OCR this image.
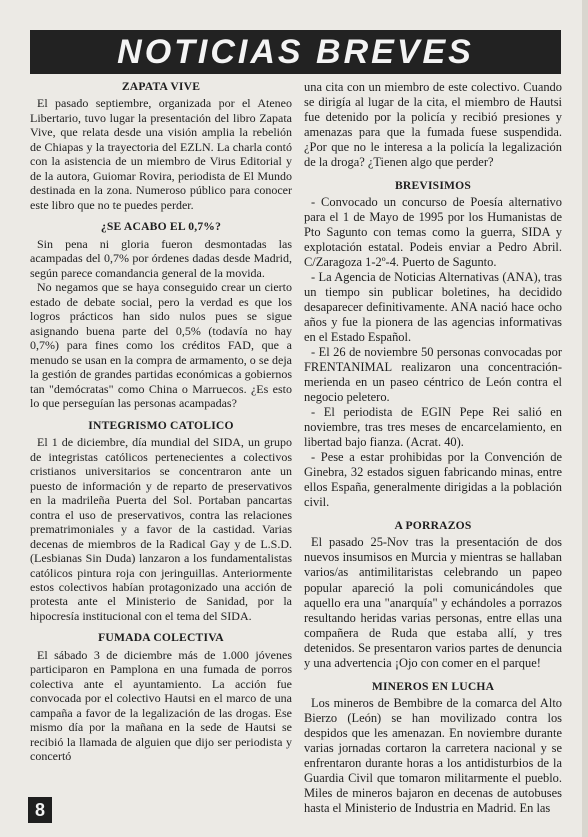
NOTICIAS BREVES
ZAPATA VIVE

El pasado septiembre, organizada por el Ateneo Libertario, tuvo lugar la presentación del libro Zapata Vive, que relata desde una visión amplia la rebelión de Chiapas y la trayectoria del EZLN. La charla contó con la asistencia de un miembro de Virus Editorial y de la autora, Guiomar Rovira, periodista de El Mundo destinada en la zona. Numeroso público para conocer este libro que no te puedes perder.

¿SE ACABO EL 0,7%?

Sin pena ni gloria fueron desmontadas las acampadas del 0,7% por órdenes dadas desde Madrid, según parece comandancia general de la movida.

No negamos que se haya conseguido crear un cierto estado de debate social, pero la verdad es que los logros prácticos han sido nulos pues se sigue asignando buena parte del 0,5% (todavía no hay 0,7%) para fines como los créditos FAD, que a menudo se usan en la compra de armamento, o se deja la gestión de grandes partidas económicas a gobiernos tan "demócratas" como China o Marruecos. ¿Es esto lo que perseguían las personas acampadas?

INTEGRISMO CATOLICO

El 1 de diciembre, día mundial del SIDA, un grupo de integristas católicos pertenecientes a colectivos cristianos universitarios se concentraron ante un puesto de información y de reparto de preservativos en la madrileña Puerta del Sol. Portaban pancartas contra el uso de preservativos, contra las relaciones prematrimoniales y a favor de la castidad. Varias decenas de miembros de la Radical Gay y de L.S.D. (Lesbianas Sin Duda) lanzaron a los fundamentalistas católicos pintura roja con jeringuillas. Anteriormente estos colectivos habían protagonizado una acción de protesta ante el Ministerio de Sanidad, por la hipocresía institucional con el tema del SIDA.

FUMADA COLECTIVA

El sábado 3 de diciembre más de 1.000 jóvenes participaron en Pamplona en una fumada de porros colectiva ante el ayuntamiento. La acción fue convocada por el colectivo Hautsi en el marco de una campaña a favor de la legalización de las drogas. Ese mismo día por la mañana en la sede de Hautsi se recibió la llamada de alguien que dijo ser periodista y concertó

una cita con un miembro de este colectivo. Cuando se dirigía al lugar de la cita, el miembro de Hautsi fue detenido por la policía y recibió presiones y amenazas para que la fumada fuese suspendida. ¿Por que no le interesa a la policía la legalización de la droga? ¿Tienen algo que perder?

BREVISIMOS

- Convocado un concurso de Poesía alternativo para el 1 de Mayo de 1995 por los Humanistas de Pto Sagunto con temas como la guerra, SIDA y explotación estatal. Podeis enviar a Pedro Abril. C/Zaragoza 1-2º-4. Puerto de Sagunto.

- La Agencia de Noticias Alternativas (ANA), tras un tiempo sin publicar boletines, ha decidido desaparecer definitivamente. ANA nació hace ocho años y fue la pionera de las agencias informativas en el Estado Español.

- El 26 de noviembre 50 personas convocadas por FRENTANIMAL realizaron una concentración-merienda en un paseo céntrico de León contra el negocio peletero.

- El periodista de EGIN Pepe Rei salió en noviembre, tras tres meses de encarcelamiento, en libertad bajo fianza. (Acrat. 40).

- Pese a estar prohibidas por la Convención de Ginebra, 32 estados siguen fabricando minas, entre ellos España, generalmente dirigidas a la población civil.

A PORRAZOS

El pasado 25-Nov tras la presentación de dos nuevos insumisos en Murcia y mientras se hallaban varios/as antimilitaristas celebrando un papeo popular apareció la poli comunicándoles que aquello era una "anarquía" y echándoles a porrazos resultando heridas varias personas, entre ellas una compañera de Ruda que estaba allí, y tres detenidos. Se presentaron varios partes de denuncia y una advertencia ¡Ojo con comer en el parque!

MINEROS EN LUCHA

Los mineros de Bembibre de la comarca del Alto Bierzo (León) se han movilizado contra los despidos que les amenazan. En noviembre durante varias jornadas cortaron la carretera nacional y se enfrentaron durante horas a los antidisturbios de la Guardia Civil que tomaron militarmente el pueblo. Miles de mineros bajaron en decenas de autobuses hasta el Ministerio de Industria en Madrid. En las

8
